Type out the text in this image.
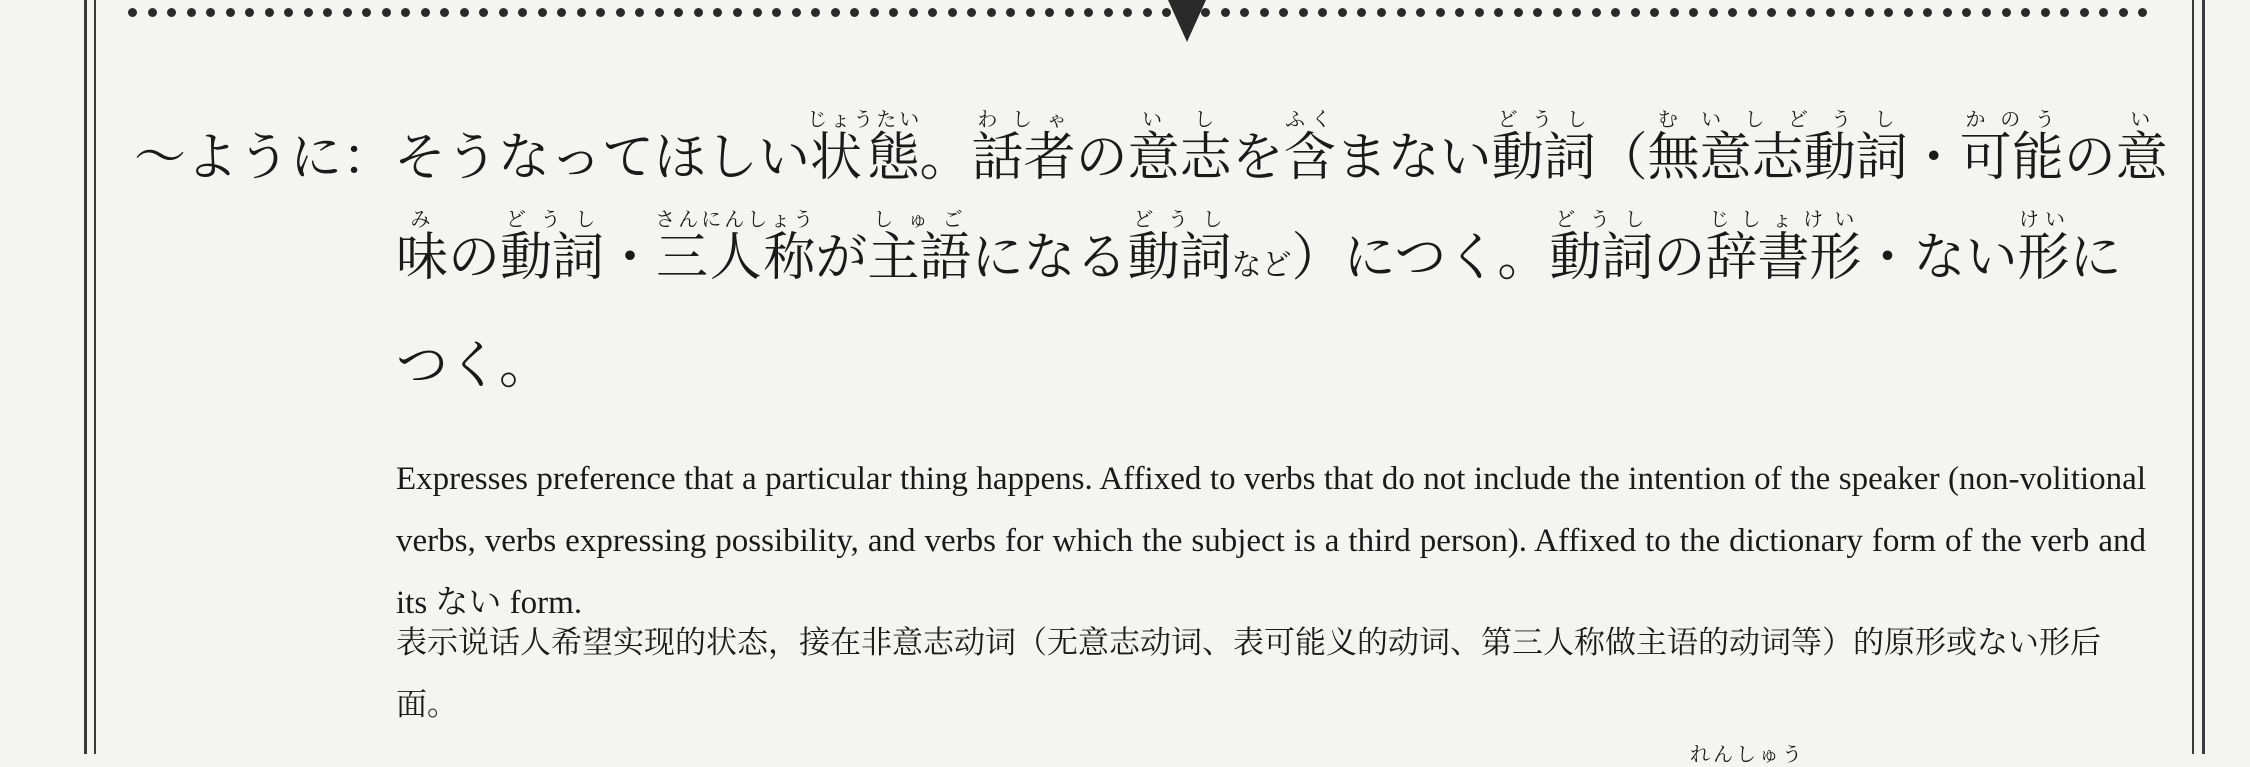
〜ように：そうなってほしい状態じょうたい。話者わしゃの意志いしを含ふくまない動詞どうし（無意志動詞むいしどうし・可能かのうの意い
味みの動詞どうし・三人称さんにんしょうが主語しゅごになる動詞どうしなど）につく。動詞どうしの辞書形じしょけい・ない形けいに
つく。
Expresses preference that a particular thing happens. Affixed to verbs that do not include the intention of the speaker (non-volitional verbs, verbs expressing possibility, and verbs for which the subject is a third person). Affixed to the dictionary form of the verb and its ない form.
表示说话人希望实现的状态，接在非意志动词（无意志动词、表可能义的动词、第三人称做主语的动词等）的原形或ない形后面。
れんしゅう
